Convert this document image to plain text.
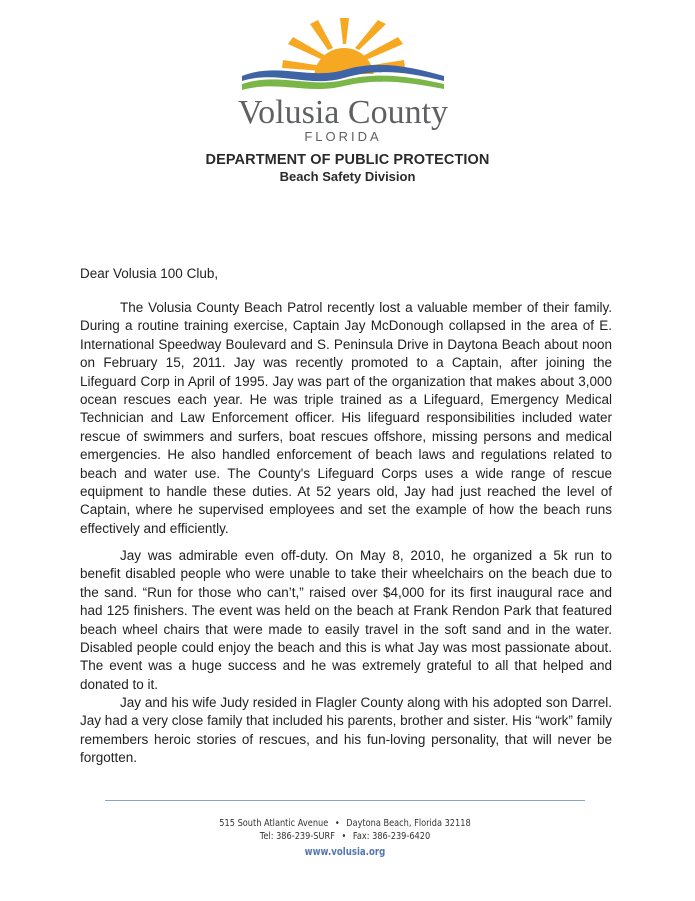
Volusia County
FLORIDA
DEPARTMENT OF PUBLIC PROTECTION
Beach Safety Division
Dear Volusia 100 Club,

The Volusia County Beach Patrol recently lost a valuable member of their family. During a routine training exercise, Captain Jay McDonough collapsed in the area of E. International Speedway Boulevard and S. Peninsula Drive in Daytona Beach about noon on February 15, 2011. Jay was recently promoted to a Captain, after joining the Lifeguard Corp in April of 1995. Jay was part of the organization that makes about 3,000 ocean rescues each year. He was triple trained as a Lifeguard, Emergency Medical Technician and Law Enforcement officer. His lifeguard responsibilities included water rescue of swimmers and surfers, boat rescues offshore, missing persons and medical emergencies. He also handled enforcement of beach laws and regulations related to beach and water use. The County's Lifeguard Corps uses a wide range of rescue equipment to handle these duties. At 52 years old, Jay had just reached the level of Captain, where he supervised employees and set the example of how the beach runs effectively and efficiently.

Jay was admirable even off-duty. On May 8, 2010, he organized a 5k run to benefit disabled people who were unable to take their wheelchairs on the beach due to the sand. “Run for those who can’t,” raised over $4,000 for its first inaugural race and had 125 finishers. The event was held on the beach at Frank Rendon Park that featured beach wheel chairs that were made to easily travel in the soft sand and in the water. Disabled people could enjoy the beach and this is what Jay was most passionate about. The event was a huge success and he was extremely grateful to all that helped and donated to it.

Jay and his wife Judy resided in Flagler County along with his adopted son Darrel. Jay had a very close family that included his parents, brother and sister. His “work” family remembers heroic stories of rescues, and his fun-loving personality, that will never be forgotten.

515 South Atlantic Avenue • Daytona Beach, Florida 32118
Tel: 386-239-SURF • Fax: 386-239-6420
www.volusia.org
